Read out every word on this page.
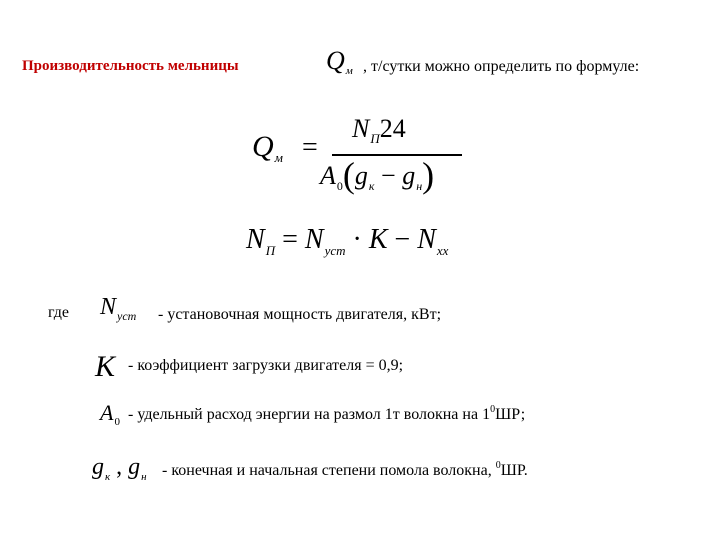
Производительность мельницы	$Q_м$ , т/сутки можно определить по формуле:
$Q_м$ =
$N_П24$
$A_0(g_к - g_н)$
$N_П = N_{уст} \cdot К - N_{хх}$
где $N_{уст}$ - установочная мощность двигателя, кВт;
К - коэффициент загрузки двигателя = 0,9;
$A_0$ - удельный расход энергии на размол 1т волокна на $1^0ШР$;
$g_к$ , $g_н$ - конечная и начальная степени помола волокна, $^0$ШР.
